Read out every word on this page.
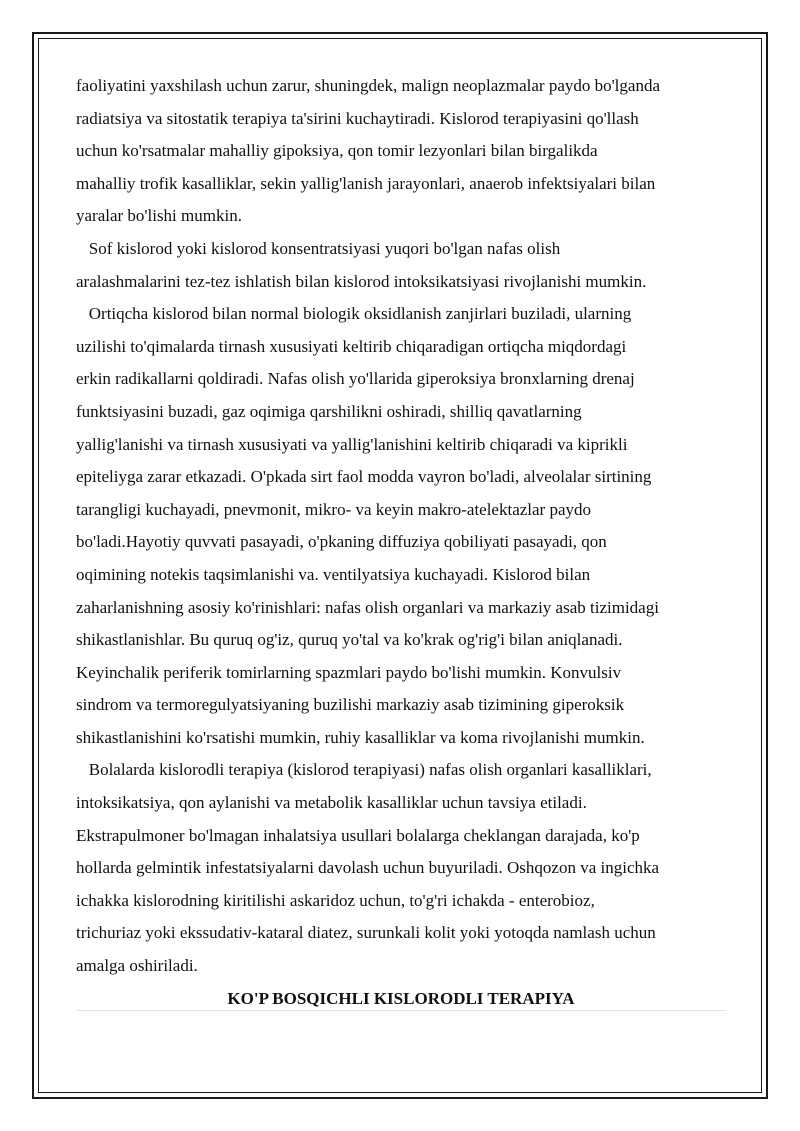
faoliyatini yaxshilash uchun zarur, shuningdek, malign neoplazmalar paydo bo'lganda
radiatsiya va sitostatik terapiya ta'sirini kuchaytiradi. Kislorod terapiyasini qo'llash
uchun ko'rsatmalar mahalliy gipoksiya, qon tomir lezyonlari bilan birgalikda
mahalliy trofik kasalliklar, sekin yallig'lanish jarayonlari, anaerob infektsiyalari bilan
yaralar bo'lishi mumkin.

Sof kislorod yoki kislorod konsentratsiyasi yuqori bo'lgan nafas olish
aralashmalarini tez-tez ishlatish bilan kislorod intoksikatsiyasi rivojlanishi mumkin.

Ortiqcha kislorod bilan normal biologik oksidlanish zanjirlari buziladi, ularning
uzilishi to'qimalarda tirnash xususiyati keltirib chiqaradigan ortiqcha miqdordagi
erkin radikallarni qoldiradi. Nafas olish yo'llarida giperoksiya bronxlarning drenaj
funktsiyasini buzadi, gaz oqimiga qarshilikni oshiradi, shilliq qavatlarning
yallig'lanishi va tirnash xususiyati va yallig'lanishini keltirib chiqaradi va kiprikli
epiteliyga zarar etkazadi. O'pkada sirt faol modda vayron bo'ladi, alveolalar sirtining
tarangligi kuchayadi, pnevmonit, mikro- va keyin makro-atelektazlar paydo
bo'ladi.Hayotiy quvvati pasayadi, o'pkaning diffuziya qobiliyati pasayadi, qon
oqimining notekis taqsimlanishi va. ventilyatsiya kuchayadi. Kislorod bilan
zaharlanishning asosiy ko'rinishlari: nafas olish organlari va markaziy asab tizimidagi
shikastlanishlar. Bu quruq og'iz, quruq yo'tal va ko'krak og'rig'i bilan aniqlanadi.
Keyinchalik periferik tomirlarning spazmlari paydo bo'lishi mumkin. Konvulsiv
sindrom va termoregulyatsiyaning buzilishi markaziy asab tizimining giperoksik
shikastlanishini ko'rsatishi mumkin, ruhiy kasalliklar va koma rivojlanishi mumkin.

Bolalarda kislorodli terapiya (kislorod terapiyasi) nafas olish organlari kasalliklari,
intoksikatsiya, qon aylanishi va metabolik kasalliklar uchun tavsiya etiladi.
Ekstrapulmoner bo'lmagan inhalatsiya usullari bolalarga cheklangan darajada, ko'p
hollarda gelmintik infestatsiyalarni davolash uchun buyuriladi. Oshqozon va ingichka
ichakka kislorodning kiritilishi askaridoz uchun, to'g'ri ichakda - enterobioz,
trichuriaz yoki ekssudativ-kataral diatez, surunkali kolit yoki yotoqda namlash uchun
amalga oshiriladi.

KO'P BOSQICHLI KISLORODLI TERAPIYA
